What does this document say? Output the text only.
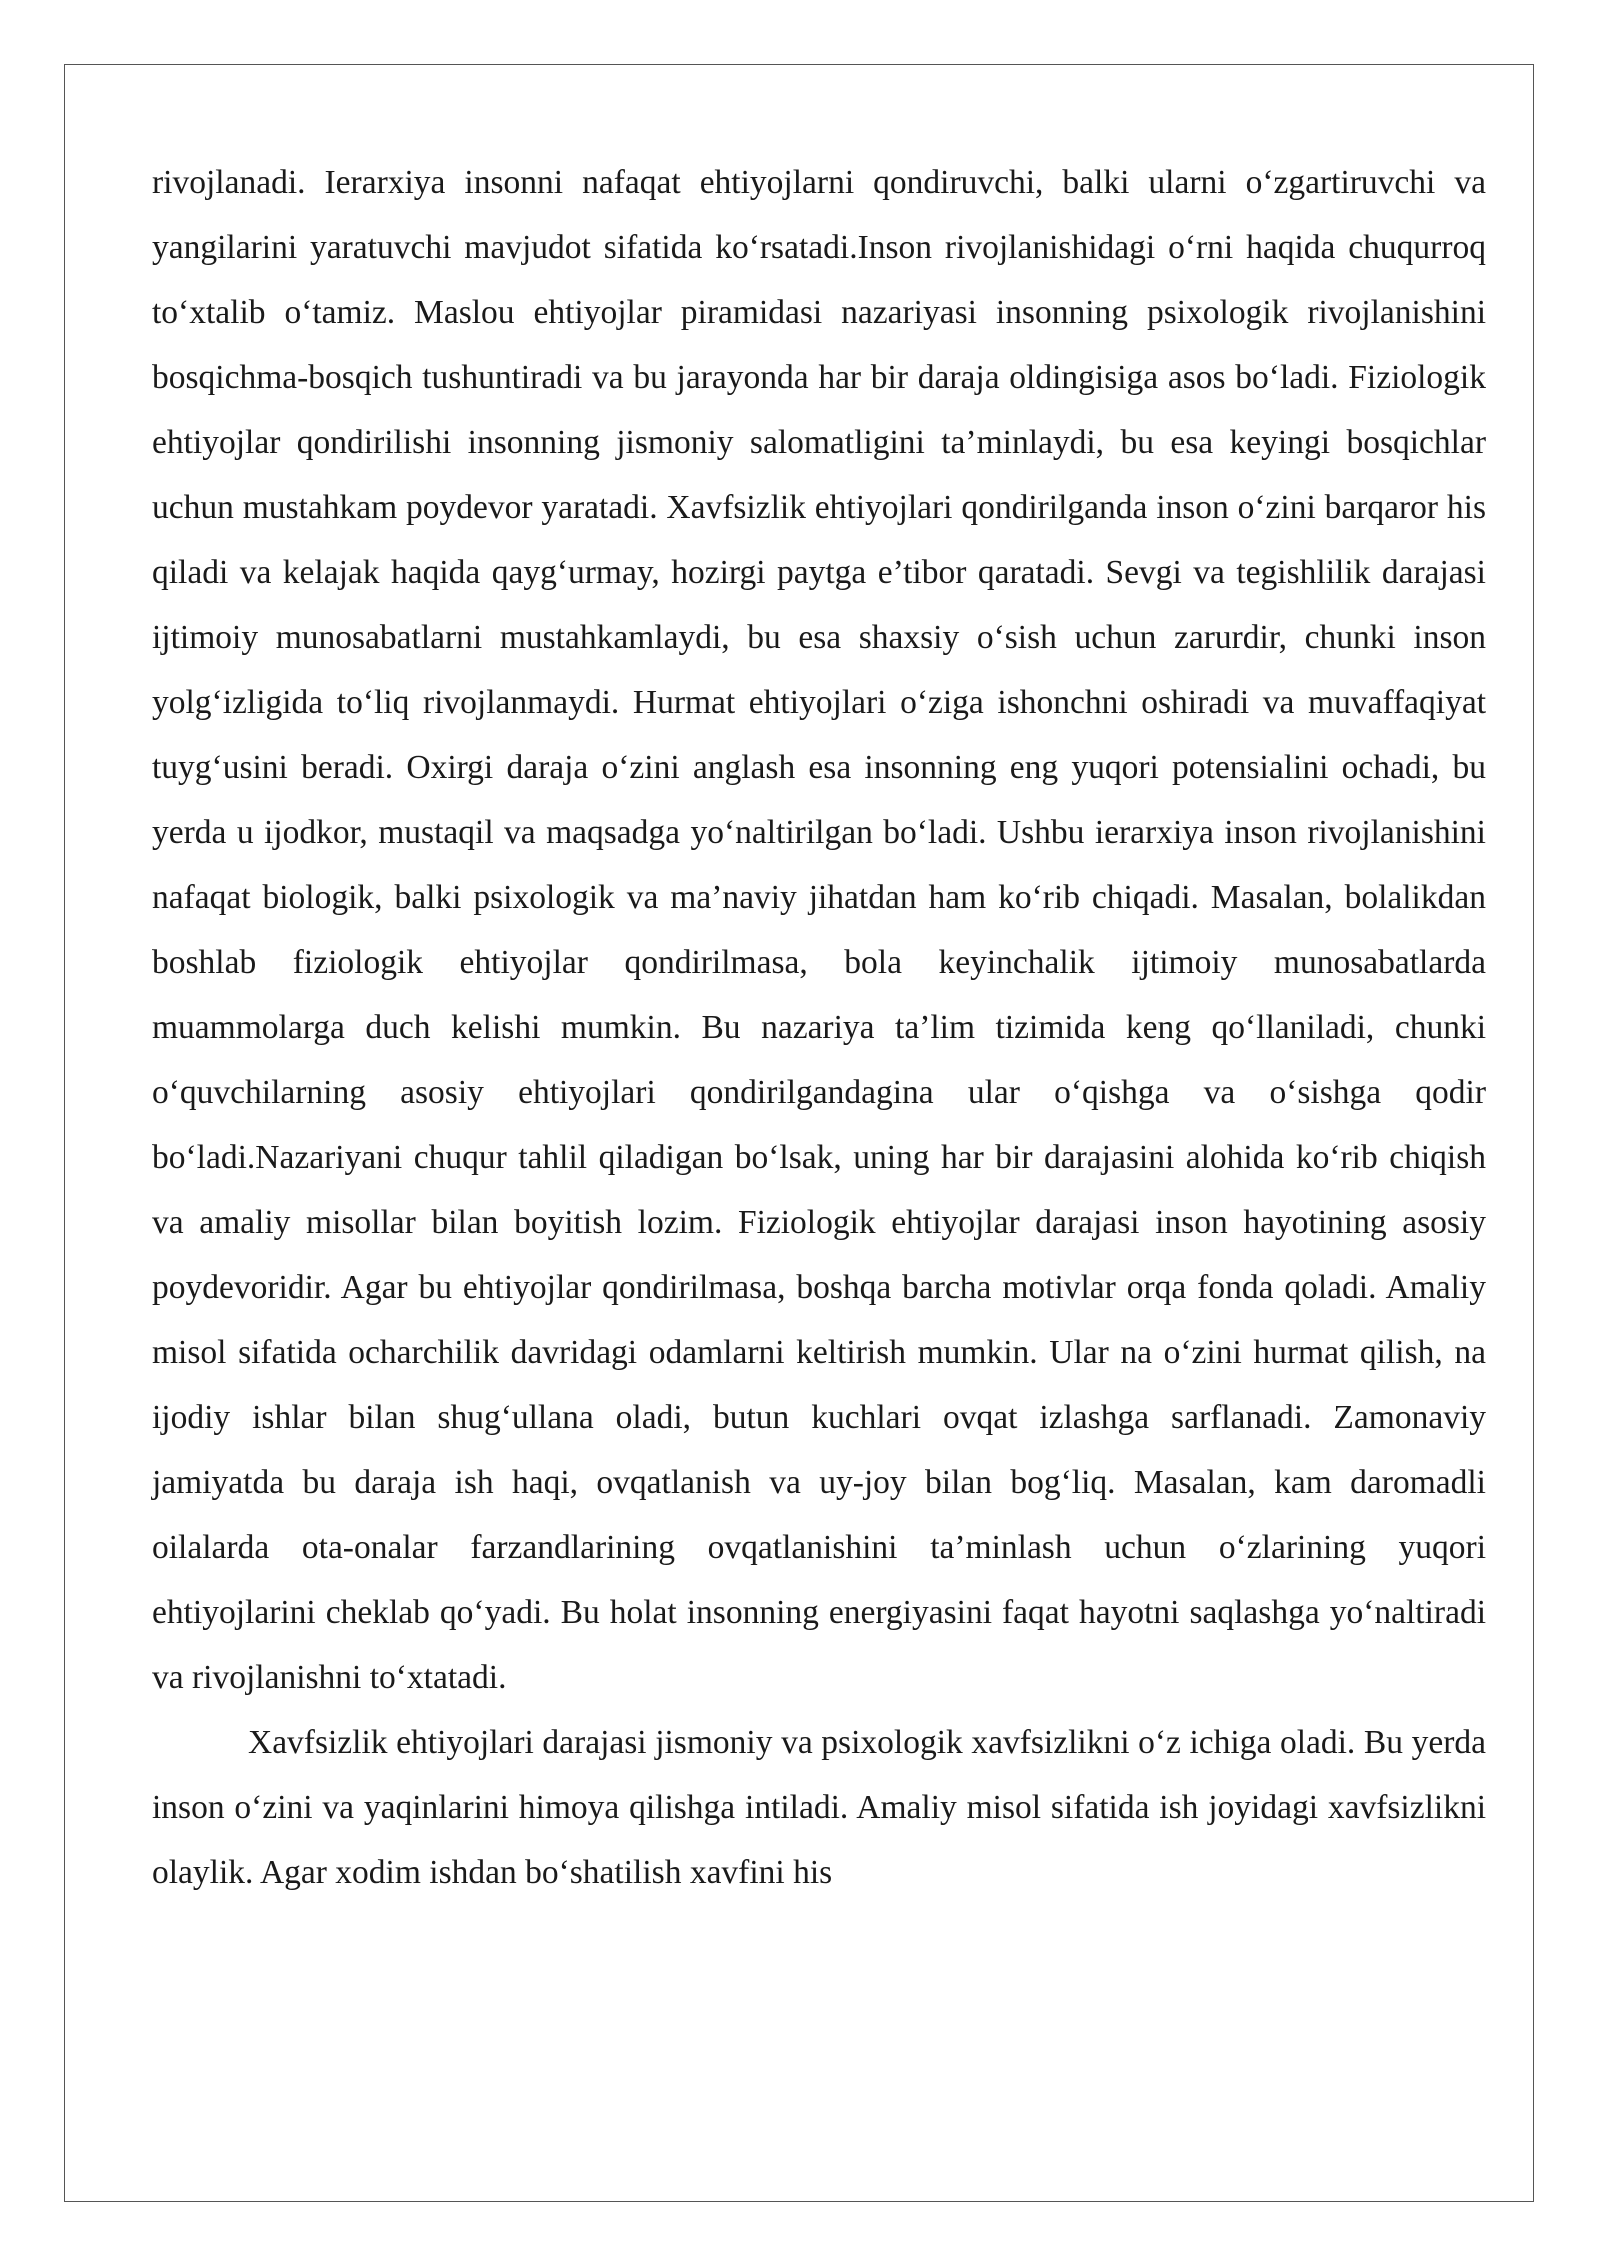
rivojlanadi. Ierarxiya insonni nafaqat ehtiyojlarni qondiruvchi, balki ularni o‘zgartiruvchi va yangilarini yaratuvchi mavjudot sifatida ko‘rsatadi.Inson rivojlanishidagi o‘rni haqida chuqurroq to‘xtalib o‘tamiz. Maslou ehtiyojlar piramidasi nazariyasi insonning psixologik rivojlanishini bosqichma-bosqich tushuntiradi va bu jarayonda har bir daraja oldingisiga asos bo‘ladi. Fiziologik ehtiyojlar qondirilishi insonning jismoniy salomatligini ta’minlaydi, bu esa keyingi bosqichlar uchun mustahkam poydevor yaratadi. Xavfsizlik ehtiyojlari qondirilganda inson o‘zini barqaror his qiladi va kelajak haqida qayg‘urmay, hozirgi paytga e’tibor qaratadi. Sevgi va tegishlilik darajasi ijtimoiy munosabatlarni mustahkamlaydi, bu esa shaxsiy o‘sish uchun zarurdir, chunki inson yolg‘izligida to‘liq rivojlanmaydi. Hurmat ehtiyojlari o‘ziga ishonchni oshiradi va muvaffaqiyat tuyg‘usini beradi. Oxirgi daraja o‘zini anglash esa insonning eng yuqori potensialini ochadi, bu yerda u ijodkor, mustaqil va maqsadga yo‘naltirilgan bo‘ladi. Ushbu ierarxiya inson rivojlanishini nafaqat biologik, balki psixologik va ma’naviy jihatdan ham ko‘rib chiqadi. Masalan, bolalikdan boshlab fiziologik ehtiyojlar qondirilmasa, bola keyinchalik ijtimoiy munosabatlarda muammolarga duch kelishi mumkin. Bu nazariya ta’lim tizimida keng qo‘llaniladi, chunki o‘quvchilarning asosiy ehtiyojlari qondirilgandagina ular o‘qishga va o‘sishga qodir bo‘ladi.Nazariyani chuqur tahlil qiladigan bo‘lsak, uning har bir darajasini alohida ko‘rib chiqish va amaliy misollar bilan boyitish lozim. Fiziologik ehtiyojlar darajasi inson hayotining asosiy poydevoridir. Agar bu ehtiyojlar qondirilmasa, boshqa barcha motivlar orqa fonda qoladi. Amaliy misol sifatida ocharchilik davridagi odamlarni keltirish mumkin. Ular na o‘zini hurmat qilish, na ijodiy ishlar bilan shug‘ullana oladi, butun kuchlari ovqat izlashga sarflanadi. Zamonaviy jamiyatda bu daraja ish haqi, ovqatlanish va uy-joy bilan bog‘liq. Masalan, kam daromadli oilalarda ota-onalar farzandlarining ovqatlanishini ta’minlash uchun o‘zlarining yuqori ehtiyojlarini cheklab qo‘yadi. Bu holat insonning energiyasini faqat hayotni saqlashga yo‘naltiradi va rivojlanishni to‘xtatadi.

Xavfsizlik ehtiyojlari darajasi jismoniy va psixologik xavfsizlikni o‘z ichiga oladi. Bu yerda inson o‘zini va yaqinlarini himoya qilishga intiladi. Amaliy misol sifatida ish joyidagi xavfsizlikni olaylik. Agar xodim ishdan bo‘shatilish xavfini his
